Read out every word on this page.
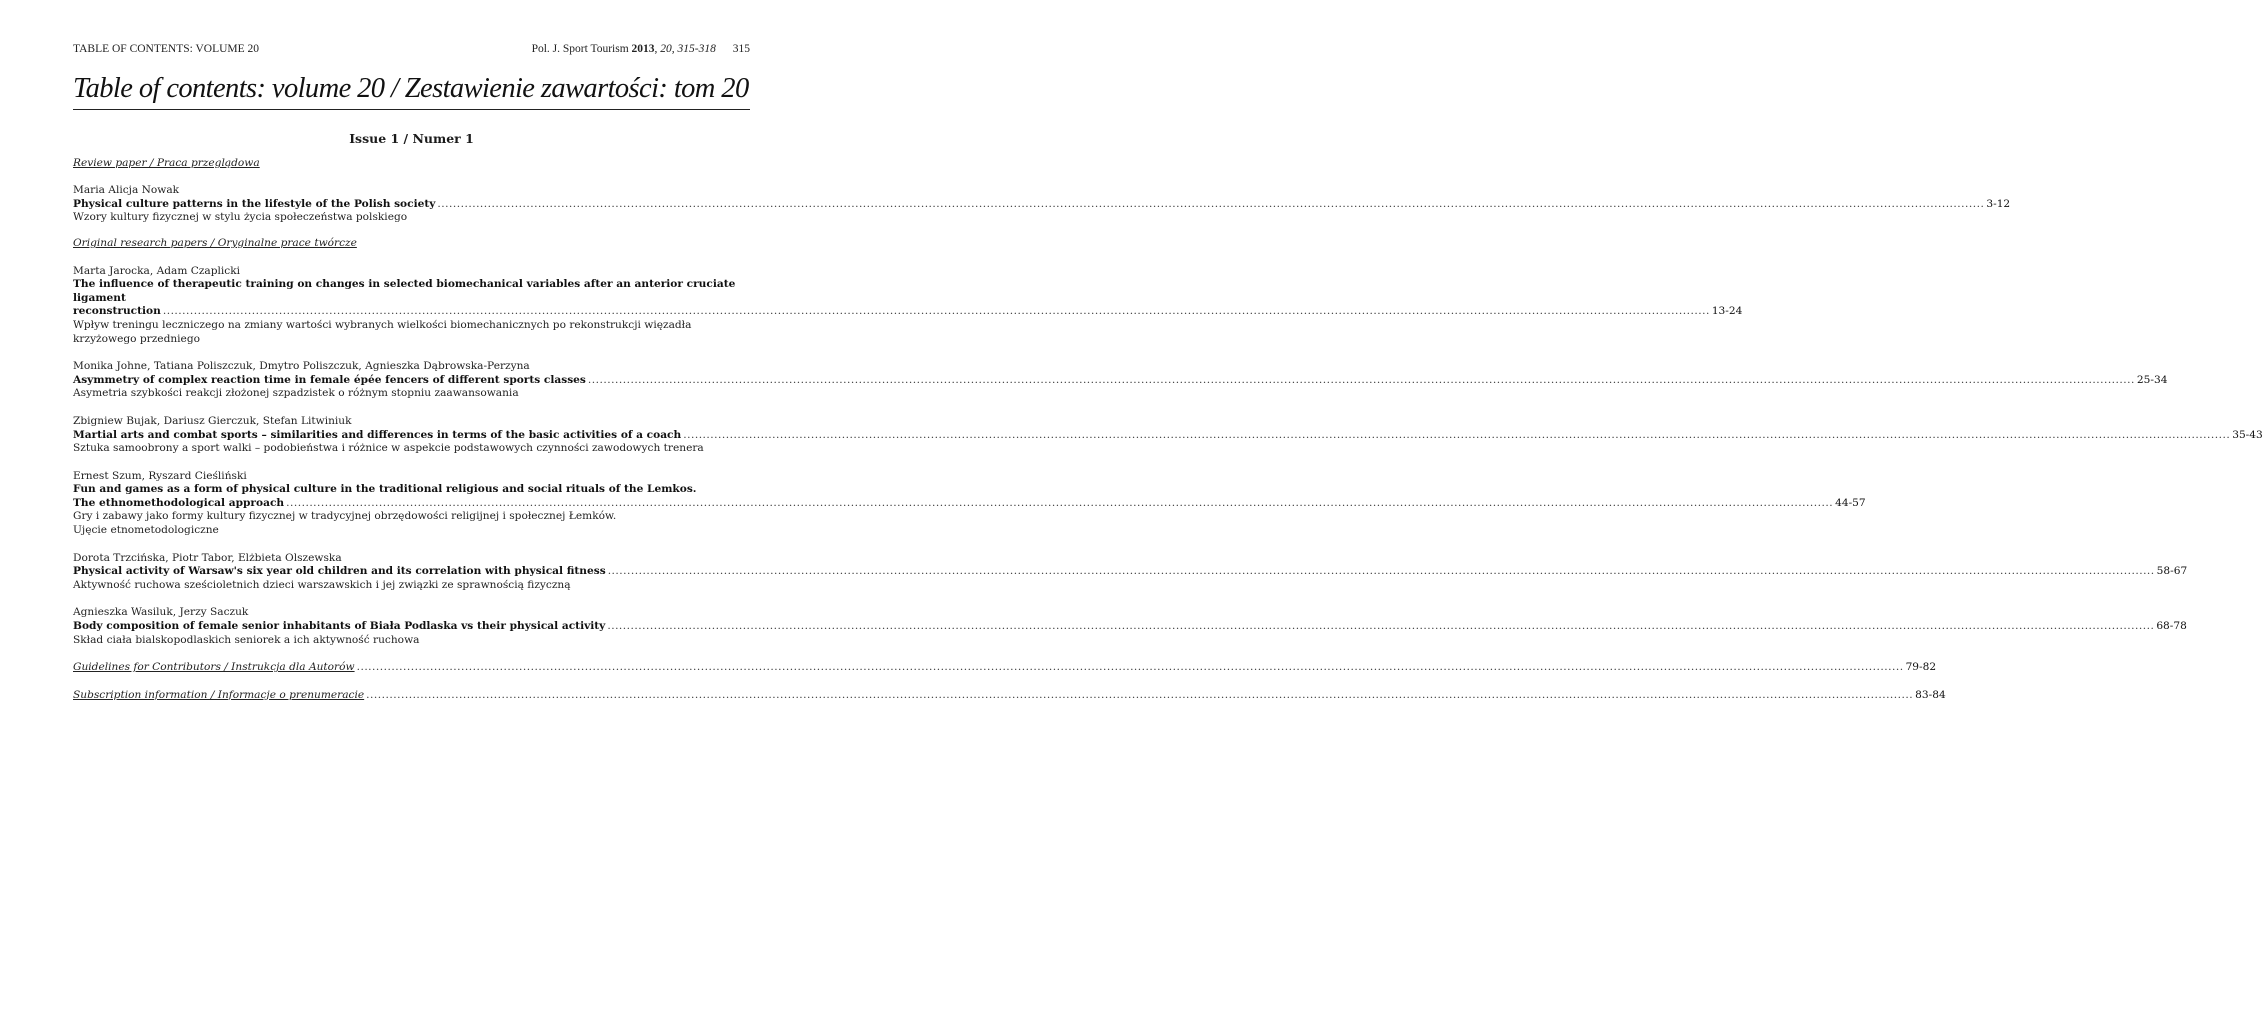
TABLE OF CONTENTS: VOLUME 20	Pol. J. Sport Tourism 2013, 20, 315-318 315
Table of contents: volume 20 / Zestawienie zawartości: tom 20
Issue 1 / Numer 1
Review paper / Praca przeglądowa
Maria Alicja Nowak
Physical culture patterns in the lifestyle of the Polish society ................................................................................................................................................................................................................................................................................................................................................................................................................ 3-12
Wzory kultury fizycznej w stylu życia społeczeństwa polskiego
Original research papers / Oryginalne prace twórcze
Marta Jarocka, Adam Czaplicki
The influence of therapeutic training on changes in selected biomechanical variables after an anterior cruciate ligament
reconstruction ................................................................................................................................................................................................................................................................................................................................................................................................................ 13-24
Wpływ treningu leczniczego na zmiany wartości wybranych wielkości biomechanicznych po rekonstrukcji więzadła
krzyżowego przedniego
Monika Johne, Tatiana Poliszczuk, Dmytro Poliszczuk, Agnieszka Dąbrowska-Perzyna
Asymmetry of complex reaction time in female épée fencers of different sports classes ................................................................................................................................................................................................................................................................................................................................................................................................................ 25-34
Asymetria szybkości reakcji złożonej szpadzistek o różnym stopniu zaawansowania
Zbigniew Bujak, Dariusz Gierczuk, Stefan Litwiniuk
Martial arts and combat sports – similarities and differences in terms of the basic activities of a coach ................................................................................................................................................................................................................................................................................................................................................................................................................ 35-43
Sztuka samoobrony a sport walki – podobieństwa i różnice w aspekcie podstawowych czynności zawodowych trenera
Ernest Szum, Ryszard Cieśliński
Fun and games as a form of physical culture in the traditional religious and social rituals of the Lemkos.
The ethnomethodological approach ................................................................................................................................................................................................................................................................................................................................................................................................................ 44-57
Gry i zabawy jako formy kultury fizycznej w tradycyjnej obrzędowości religijnej i społecznej Łemków.
Ujęcie etnometodologiczne
Dorota Trzcińska, Piotr Tabor, Elżbieta Olszewska
Physical activity of Warsaw's six year old children and its correlation with physical fitness ................................................................................................................................................................................................................................................................................................................................................................................................................ 58-67
Aktywność ruchowa sześcioletnich dzieci warszawskich i jej związki ze sprawnością fizyczną
Agnieszka Wasiluk, Jerzy Saczuk
Body composition of female senior inhabitants of Biała Podlaska vs their physical activity ................................................................................................................................................................................................................................................................................................................................................................................................................ 68-78
Skład ciała bialskopodlaskich seniorek a ich aktywność ruchowa
Guidelines for Contributors / Instrukcja dla Autorów ................................................................................................................................................................................................................................................................................................................................................................................................................ 79-82
Subscription information / Informacje o prenumeracie ................................................................................................................................................................................................................................................................................................................................................................................................................ 83-84
